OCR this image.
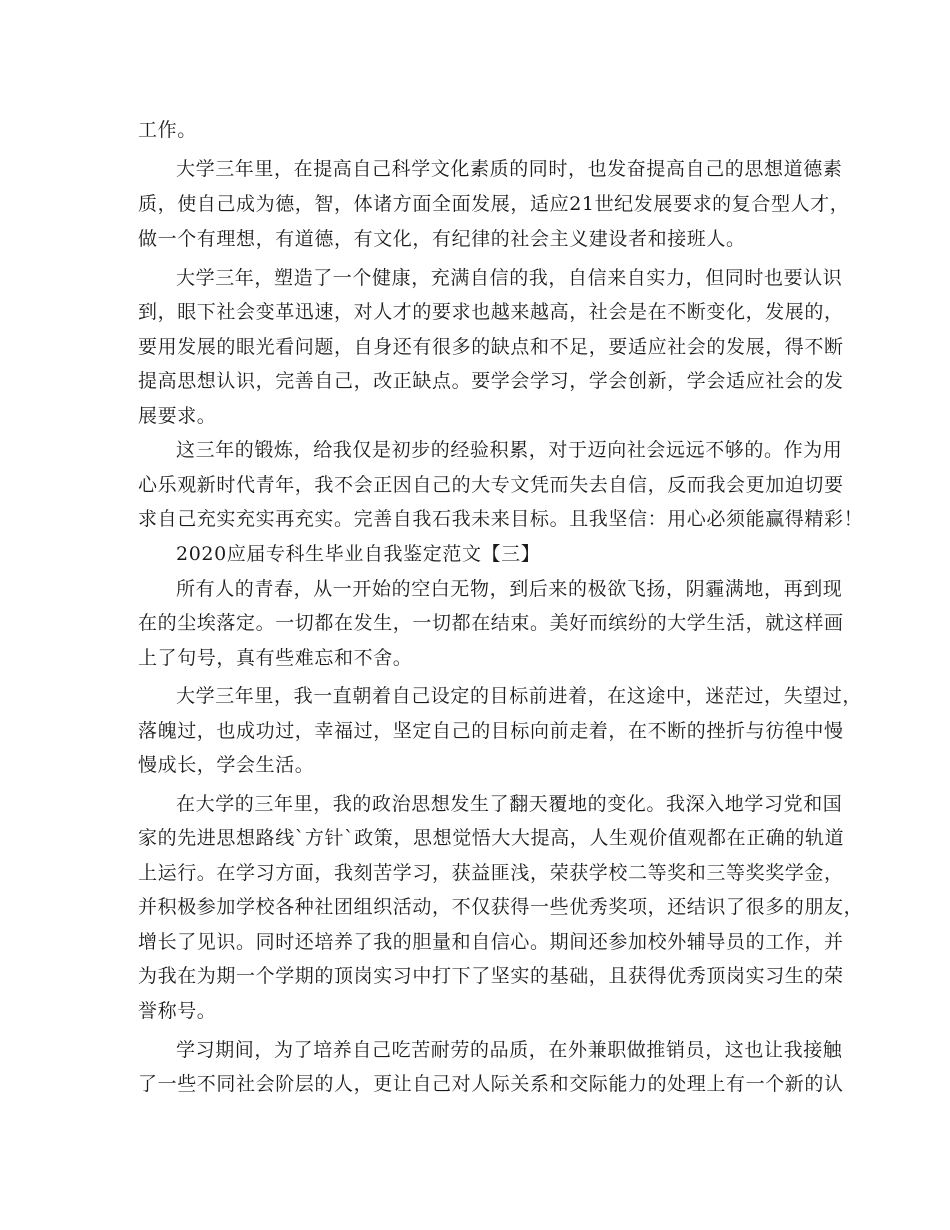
工作。

大学三年里，在提高自己科学文化素质的同时，也发奋提高自己的思想道德素

质，使自己成为德，智，体诸方面全面发展，适应21世纪发展要求的复合型人才，

做一个有理想，有道德，有文化，有纪律的社会主义建设者和接班人。

大学三年，塑造了一个健康，充满自信的我，自信来自实力，但同时也要认识

到，眼下社会变革迅速，对人才的要求也越来越高，社会是在不断变化，发展的，

要用发展的眼光看问题，自身还有很多的缺点和不足，要适应社会的发展，得不断

提高思想认识，完善自己，改正缺点。要学会学习，学会创新，学会适应社会的发

展要求。

这三年的锻炼，给我仅是初步的经验积累，对于迈向社会远远不够的。作为用

心乐观新时代青年，我不会正因自己的大专文凭而失去自信，反而我会更加迫切要

求自己充实充实再充实。完善自我石我未来目标。且我坚信：用心必须能赢得精彩！

2020应届专科生毕业自我鉴定范文【三】

所有人的青春，从一开始的空白无物，到后来的极欲飞扬，阴霾满地，再到现

在的尘埃落定。一切都在发生，一切都在结束。美好而缤纷的大学生活，就这样画

上了句号，真有些难忘和不舍。

大学三年里，我一直朝着自己设定的目标前进着，在这途中，迷茫过，失望过，

落魄过，也成功过，幸福过，坚定自己的目标向前走着，在不断的挫折与彷徨中慢

慢成长，学会生活。

在大学的三年里，我的政治思想发生了翻天覆地的变化。我深入地学习党和国

家的先进思想路线`方针`政策，思想觉悟大大提高，人生观价值观都在正确的轨道

上运行。在学习方面，我刻苦学习，获益匪浅，荣获学校二等奖和三等奖奖学金，

并积极参加学校各种社团组织活动，不仅获得一些优秀奖项，还结识了很多的朋友，

增长了见识。同时还培养了我的胆量和自信心。期间还参加校外辅导员的工作，并

为我在为期一个学期的顶岗实习中打下了坚实的基础，且获得优秀顶岗实习生的荣

誉称号。

学习期间，为了培养自己吃苦耐劳的品质，在外兼职做推销员，这也让我接触

了一些不同社会阶层的人，更让自己对人际关系和交际能力的处理上有一个新的认
